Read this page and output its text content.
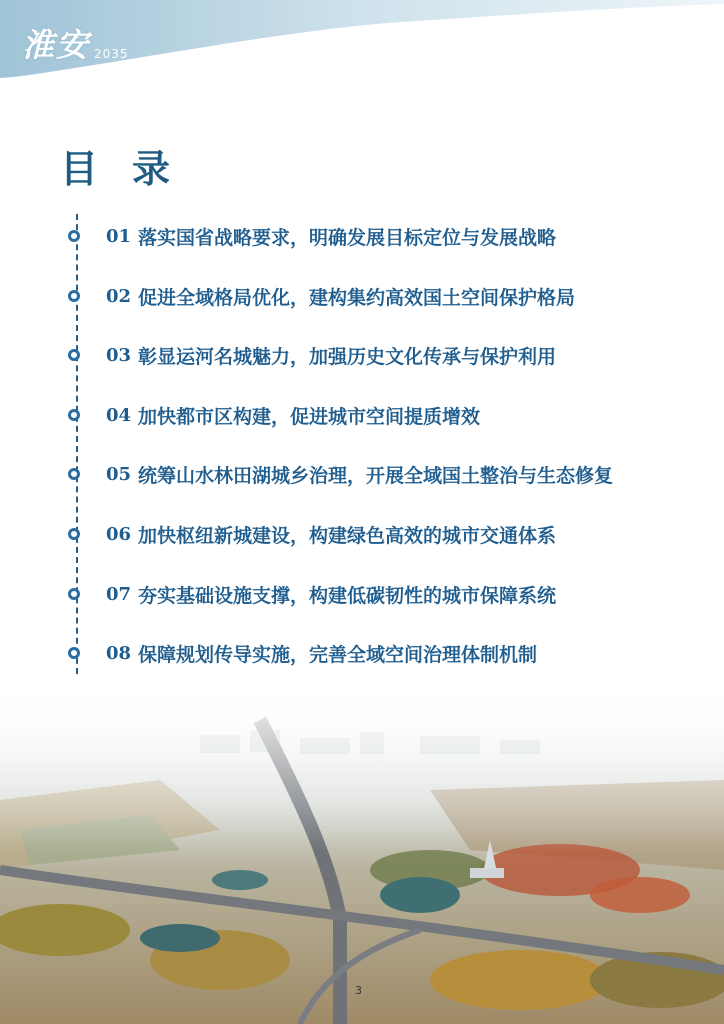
淮安 2035
目录
01 落实国省战略要求，明确发展目标定位与发展战略
02 促进全域格局优化，建构集约高效国土空间保护格局
03 彰显运河名城魅力，加强历史文化传承与保护利用
04 加快都市区构建，促进城市空间提质增效
05 统筹山水林田湖城乡治理，开展全域国土整治与生态修复
06 加快枢纽新城建设，构建绿色高效的城市交通体系
07 夯实基础设施支撑，构建低碳韧性的城市保障系统
08 保障规划传导实施，完善全域空间治理体制机制
3
